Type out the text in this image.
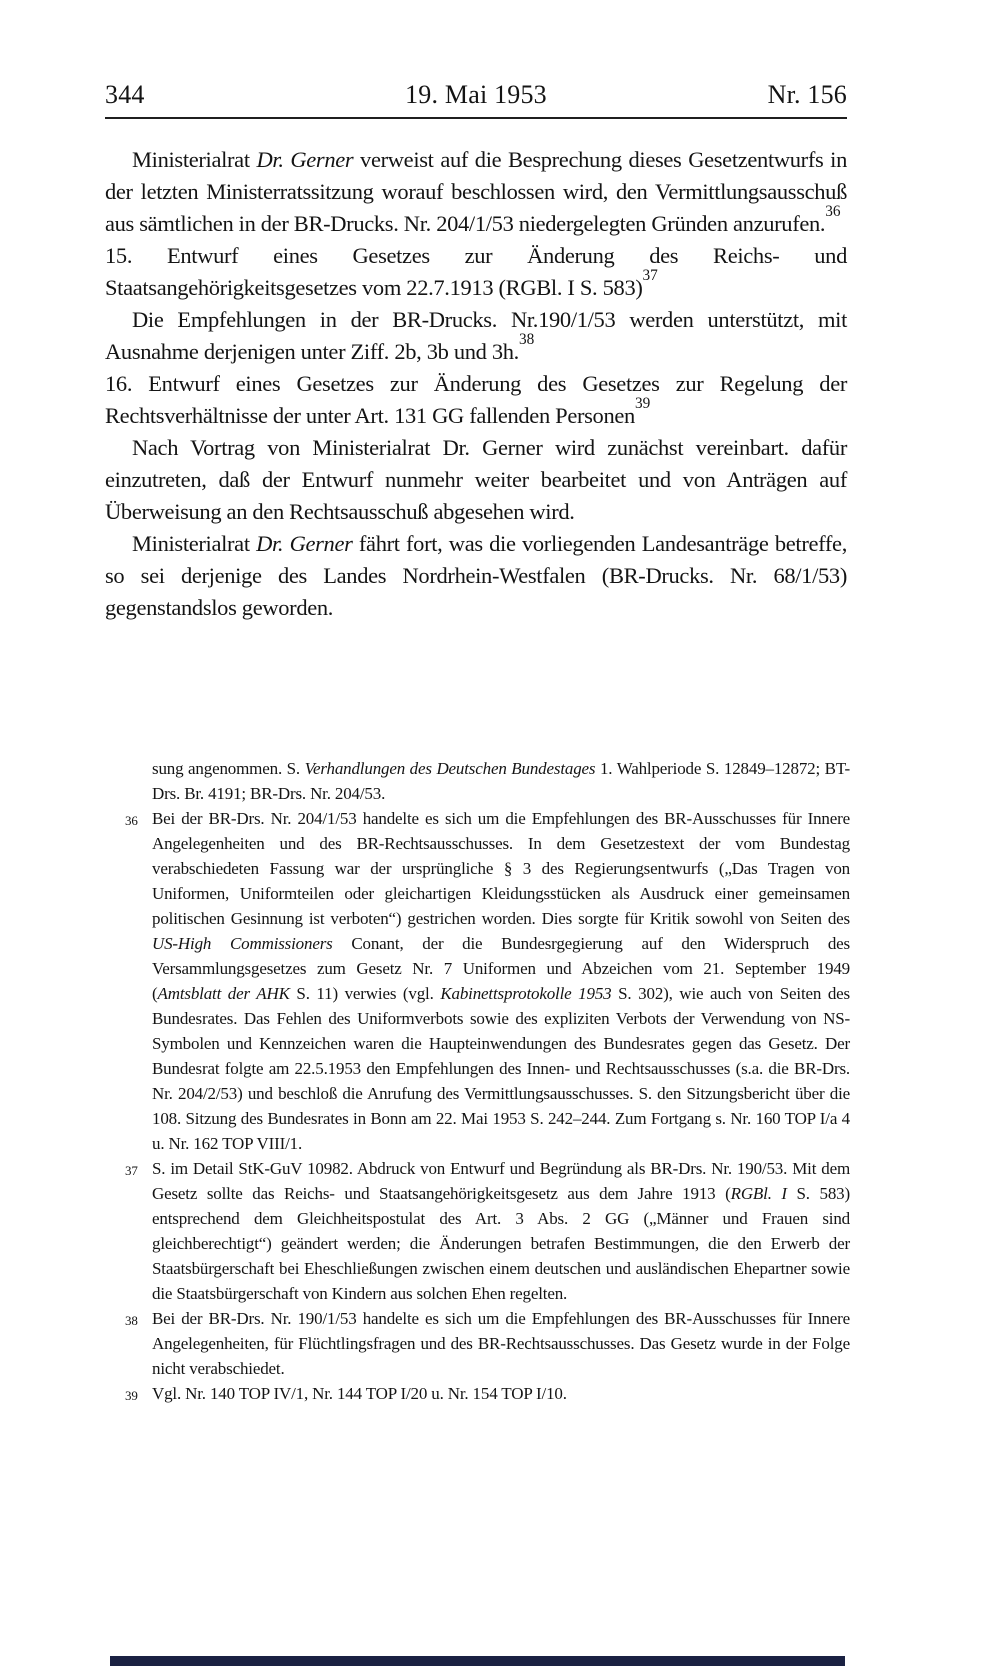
344	19. Mai 1953	Nr. 156

Ministerialrat Dr. Gerner verweist auf die Besprechung dieses Gesetzentwurfs in der letzten Ministerratssitzung worauf beschlossen wird, den Vermittlungsausschuß aus sämtlichen in der BR-Drucks. Nr. 204/1/53 niedergelegten Gründen anzurufen.$^{36}$

15. Entwurf eines Gesetzes zur Änderung des Reichs- und Staatsangehörigkeitsgesetzes vom 22.7.1913 (RGBl. I S. 583)$^{37}$

Die Empfehlungen in der BR-Drucks. Nr.190/1/53 werden unterstützt, mit Ausnahme derjenigen unter Ziff. 2b, 3b und 3h.$^{38}$

16. Entwurf eines Gesetzes zur Änderung des Gesetzes zur Regelung der Rechtsverhältnisse der unter Art. 131 GG fallenden Personen$^{39}$

Nach Vortrag von Ministerialrat Dr. Gerner wird zunächst vereinbart. dafür einzutreten, daß der Entwurf nunmehr weiter bearbeitet und von Anträgen auf Überweisung an den Rechtsausschuß abgesehen wird.

Ministerialrat Dr. Gerner fährt fort, was die vorliegenden Landesanträge betreffe, so sei derjenige des Landes Nordrhein-Westfalen (BR-Drucks. Nr. 68/1/53) gegenstandslos geworden.

sung angenommen. S. Verhandlungen des Deutschen Bundestages 1. Wahlperiode S. 12849–12872; BT-Drs. Br. 4191; BR-Drs. Nr. 204/53.
36 Bei der BR-Drs. Nr. 204/1/53 handelte es sich um die Empfehlungen des BR-Ausschusses für Innere Angelegenheiten und des BR-Rechtsausschusses. In dem Gesetzestext der vom Bundestag verabschiedeten Fassung war der ursprüngliche § 3 des Regierungsentwurfs („Das Tragen von Uniformen, Uniformteilen oder gleichartigen Kleidungsstücken als Ausdruck einer gemeinsamen politischen Gesinnung ist verboten“) gestrichen worden. Dies sorgte für Kritik sowohl von Seiten des US-High Commissioners Conant, der die Bundesrgegierung auf den Widerspruch des Versammlungsgesetzes zum Gesetz Nr. 7 Uniformen und Abzeichen vom 21. September 1949 (Amtsblatt der AHK S. 11) verwies (vgl. Kabinettsprotokolle 1953 S. 302), wie auch von Seiten des Bundesrates. Das Fehlen des Uniformverbots sowie des expliziten Verbots der Verwendung von NS-Symbolen und Kennzeichen waren die Haupteinwendungen des Bundesrates gegen das Gesetz. Der Bundesrat folgte am 22.5.1953 den Empfehlungen des Innen- und Rechtsausschusses (s.a. die BR-Drs. Nr. 204/2/53) und beschloß die Anrufung des Vermittlungsausschusses. S. den Sitzungsbericht über die 108. Sitzung des Bundesrates in Bonn am 22. Mai 1953 S. 242–244. Zum Fortgang s. Nr. 160 TOP I/a 4 u. Nr. 162 TOP VIII/1.
37 S. im Detail StK-GuV 10982. Abdruck von Entwurf und Begründung als BR-Drs. Nr. 190/53. Mit dem Gesetz sollte das Reichs- und Staatsangehörigkeitsgesetz aus dem Jahre 1913 (RGBl. I S. 583) entsprechend dem Gleichheitspostulat des Art. 3 Abs. 2 GG („Männer und Frauen sind gleichberechtigt“) geändert werden; die Änderungen betrafen Bestimmungen, die den Erwerb der Staatsbürgerschaft bei Eheschließungen zwischen einem deutschen und ausländischen Ehepartner sowie die Staatsbürgerschaft von Kindern aus solchen Ehen regelten.
38 Bei der BR-Drs. Nr. 190/1/53 handelte es sich um die Empfehlungen des BR-Ausschusses für Innere Angelegenheiten, für Flüchtlingsfragen und des BR-Rechtsausschusses. Das Gesetz wurde in der Folge nicht verabschiedet.
39 Vgl. Nr. 140 TOP IV/1, Nr. 144 TOP I/20 u. Nr. 154 TOP I/10.
